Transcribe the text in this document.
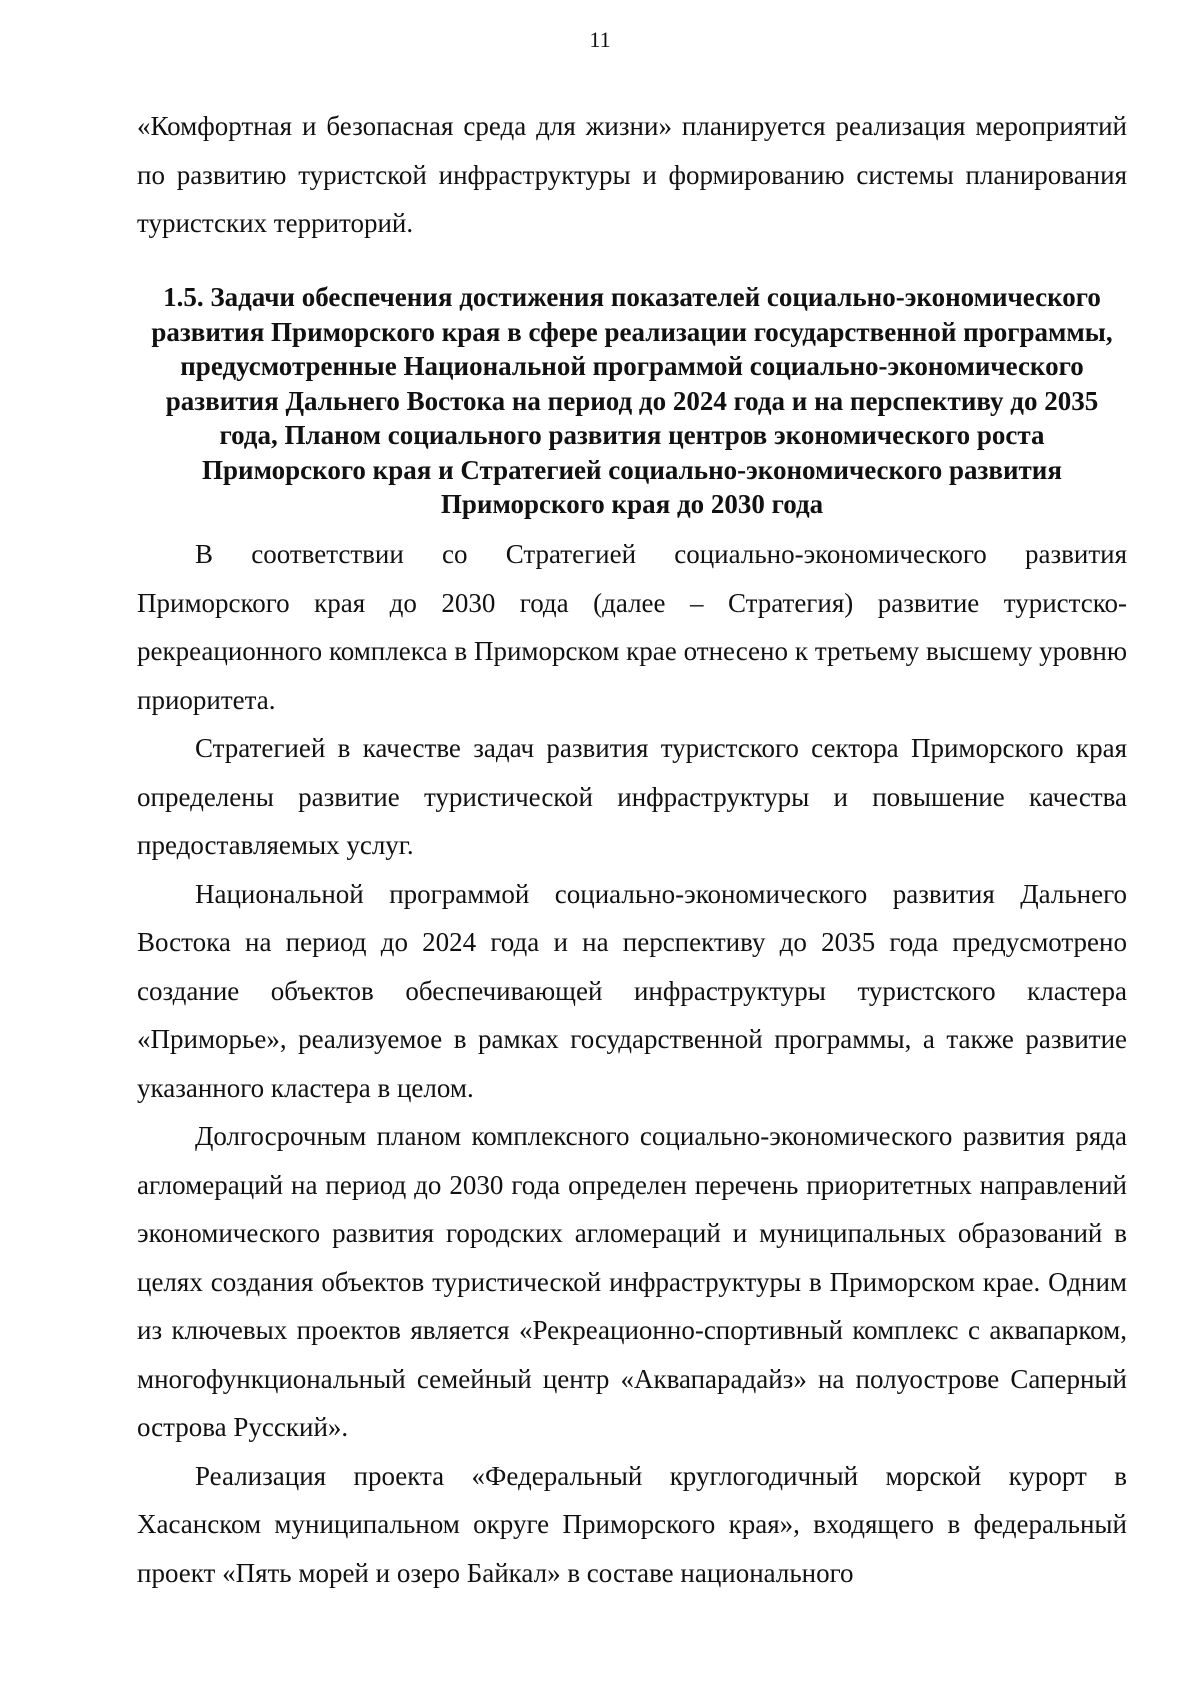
11

«Комфортная и безопасная среда для жизни» планируется реализация мероприятий по развитию туристской инфраструктуры и формированию системы планирования туристских территорий.

1.5. Задачи обеспечения достижения показателей социально-экономического развития Приморского края в сфере реализации государственной программы, предусмотренные Национальной программой социально-экономического развития Дальнего Востока на период до 2024 года и на перспективу до 2035 года, Планом социального развития центров экономического роста Приморского края и Стратегией социально-экономического развития Приморского края до 2030 года

В соответствии со Стратегией социально-экономического развития Приморского края до 2030 года (далее – Стратегия) развитие туристско-рекреационного комплекса в Приморском крае отнесено к третьему высшему уровню приоритета.

Стратегией в качестве задач развития туристского сектора Приморского края определены развитие туристической инфраструктуры и повышение качества предоставляемых услуг.

Национальной программой социально-экономического развития Дальнего Востока на период до 2024 года и на перспективу до 2035 года предусмотрено создание объектов обеспечивающей инфраструктуры туристского кластера «Приморье», реализуемое в рамках государственной программы, а также развитие указанного кластера в целом.

Долгосрочным планом комплексного социально-экономического развития ряда агломераций на период до 2030 года определен перечень приоритетных направлений экономического развития городских агломераций и муниципальных образований в целях создания объектов туристической инфраструктуры в Приморском крае. Одним из ключевых проектов является «Рекреационно-спортивный комплекс с аквапарком, многофункциональный семейный центр «Аквапарадайз» на полуострове Саперный острова Русский».

Реализация проекта «Федеральный круглогодичный морской курорт в Хасанском муниципальном округе Приморского края», входящего в федеральный проект «Пять морей и озеро Байкал» в составе национального
